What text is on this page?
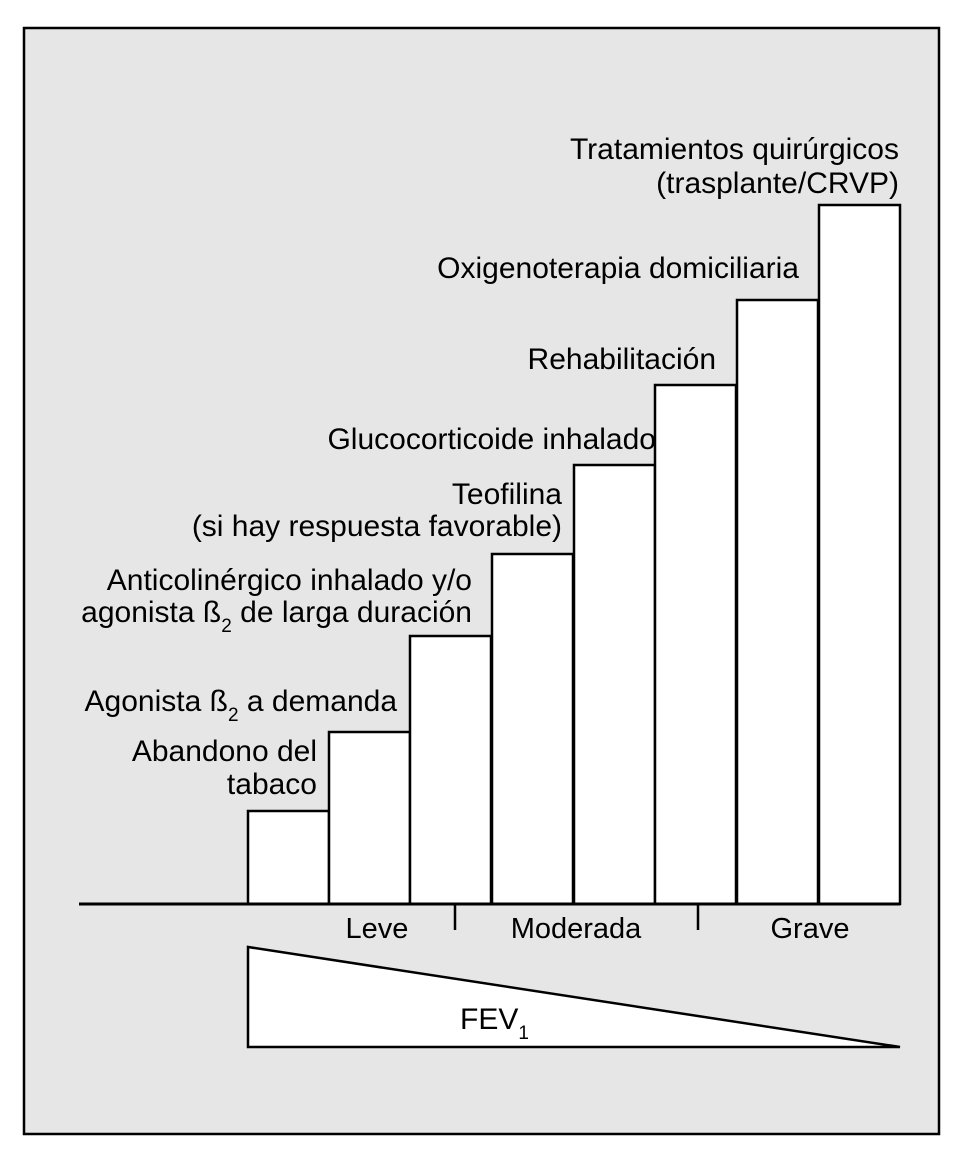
Leve	Moderada	Grave
$FEV_1$
Abandono del
tabaco
Agonista $ß_2$ a demanda
Anticolinérgico inhalado y/o
agonista $ß_2$ de larga duración
Teofilina
(si hay respuesta favorable)
Glucocorticoide inhalado
Rehabilitación
Oxigenoterapia domiciliaria
Tratamientos quirúrgicos
(trasplante/CRVP)
